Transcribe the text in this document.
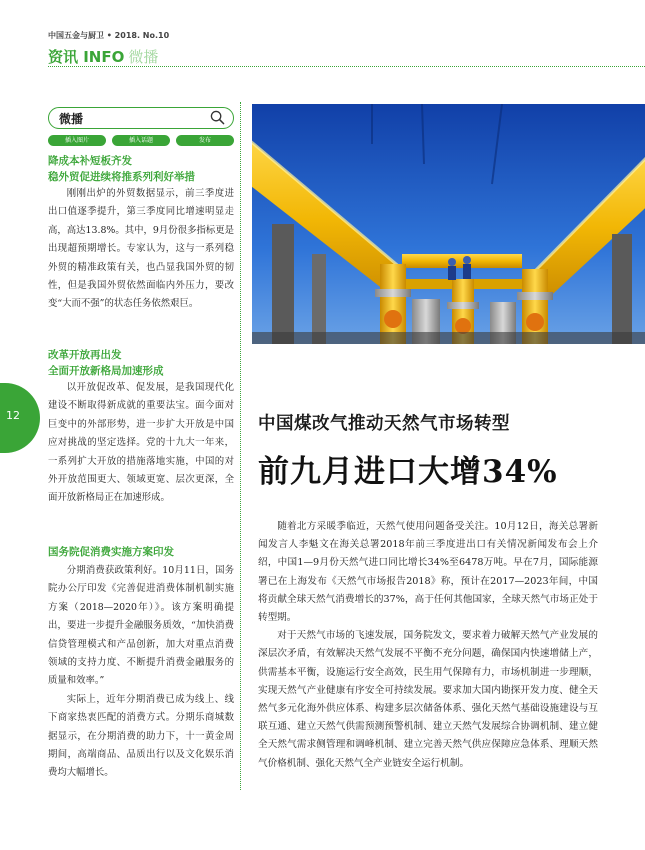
中国五金与厨卫 • 2018. No.10
资讯 INFO 微播
12
微播
插入图片	插入话题	发布

降成本补短板齐发

稳外贸促进续将推系列利好举措

刚刚出炉的外贸数据显示，前三季度进出口值逐季提升，第三季度同比增速明显走高，高达13.8%。其中，9月份很多指标更是出现超预期增长。专家认为，这与一系列稳外贸的精准政策有关，也凸显我国外贸的韧性，但是我国外贸依然面临内外压力，要改变“大而不强”的状态任务依然艰巨。

改革开放再出发

全面开放新格局加速形成

以开放促改革、促发展，是我国现代化建设不断取得新成就的重要法宝。面今面对巨变中的外部形势，进一步扩大开放是中国应对挑战的坚定选择。党的十九大一年来，一系列扩大开放的措施落地实施，中国的对外开放范围更大、领域更宽、层次更深，全面开放新格局正在加速形成。

国务院促消费实施方案印发

分期消费获政策利好。10月11日，国务院办公厅印发《完善促进消费体制机制实施方案（2018—2020年）》。该方案明确提出，要进一步提升金融服务质效，“加快消费信贷管理模式和产品创新，加大对重点消费领域的支持力度、不断提升消费金融服务的质量和效率。”

实际上，近年分期消费已成为线上、线下商家热衷匹配的消费方式。分期乐商城数据显示，在分期消费的助力下，十一黄金周期间，高端商品、品质出行以及文化娱乐消费均大幅增长。

中国煤改气推动天然气市场转型
前九月进口大增34%

随着北方采暖季临近，天然气使用问题备受关注。10月12日，海关总署新闻发言人李魁文在海关总署2018年前三季度进出口有关情况新闻发布会上介绍，中国1—9月份天然气进口同比增长34%至6478万吨。早在7月，国际能源署已在上海发布《天然气市场报告2018》称，预计在2017—2023年间，中国将贡献全球天然气消费增长的37%，高于任何其他国家，全球天然气市场正处于转型期。

对于天然气市场的飞速发展，国务院发文，要求着力破解天然气产业发展的深层次矛盾，有效解决天然气发展不平衡不充分问题，确保国内快速增储上产，供需基本平衡，设施运行安全高效，民生用气保障有力，市场机制进一步理顺，实现天然气产业健康有序安全可持续发展。要求加大国内勘探开发力度、健全天然气多元化海外供应体系、构建多层次储备体系、强化天然气基础设施建设与互联互通、建立天然气供需预测预警机制、建立天然气发展综合协调机制、建立健全天然气需求侧管理和调峰机制、建立完善天然气供应保障应急体系、理顺天然气价格机制、强化天然气全产业链安全运行机制。
